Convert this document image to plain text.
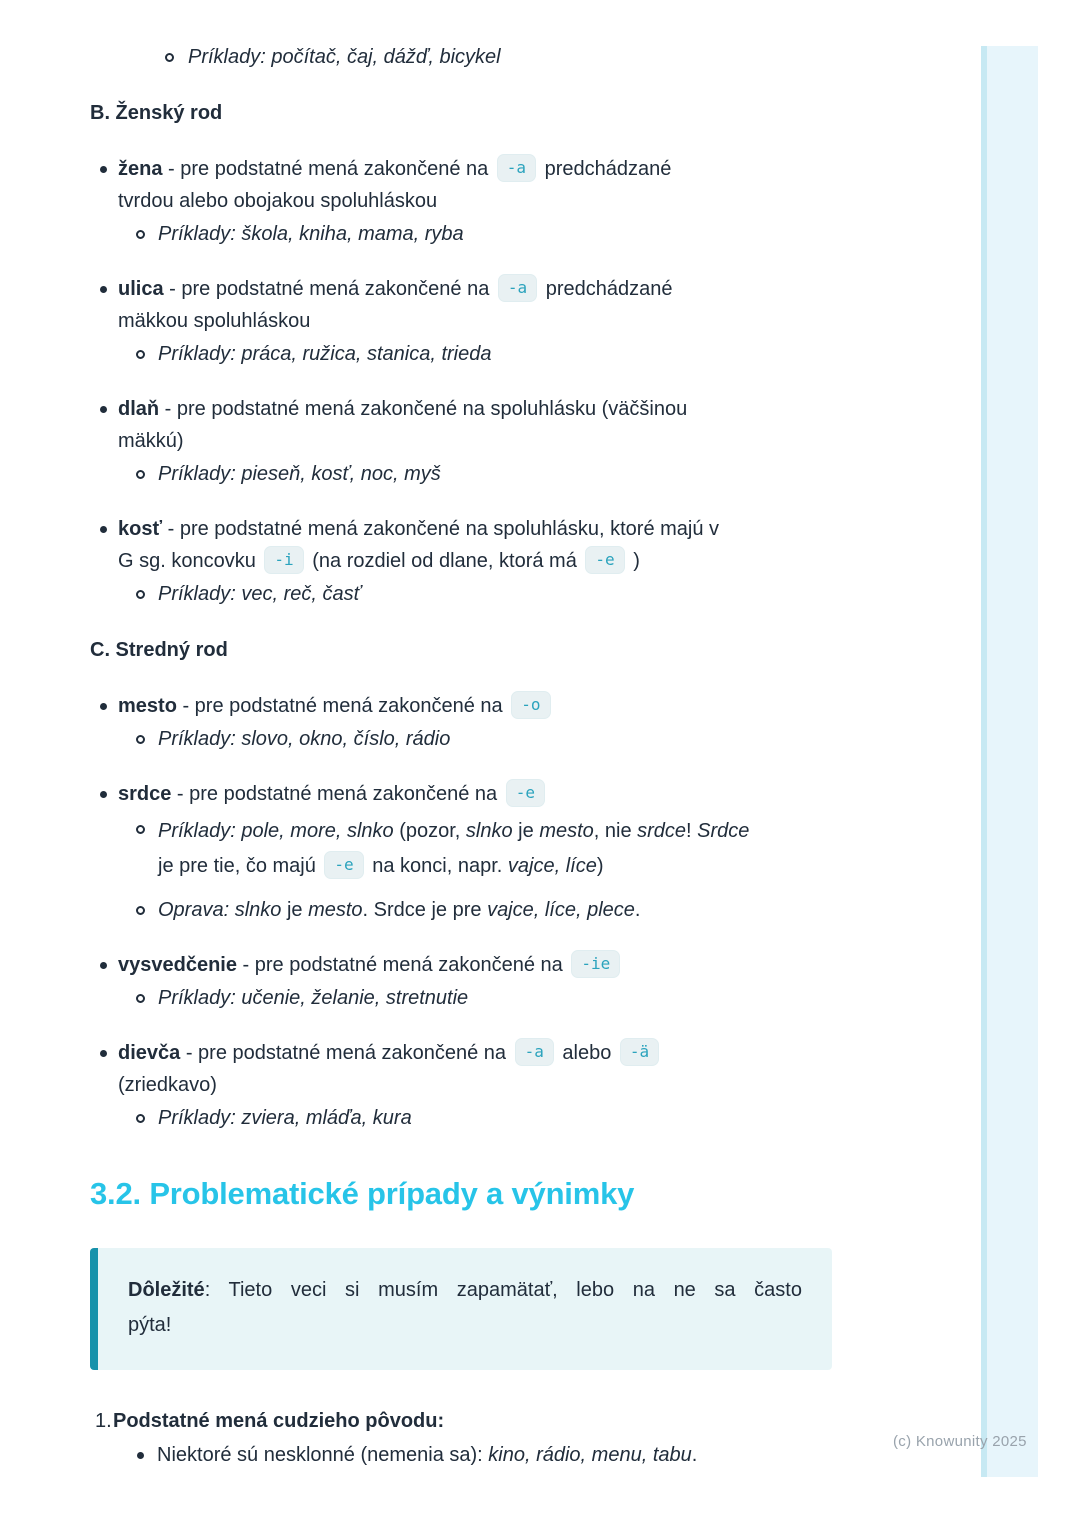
(c) Knowunity 2025

Príklady: počítač, čaj, dážď, bicykel

B. Ženský rod

žena - pre podstatné mená zakončené na -a predchádzané
tvrdou alebo obojakou spoluhláskou

Príklady: škola, kniha, mama, ryba

ulica - pre podstatné mená zakončené na -a predchádzané
mäkkou spoluhláskou

Príklady: práca, ružica, stanica, trieda

dlaň - pre podstatné mená zakončené na spoluhlásku (väčšinou
mäkkú)

Príklady: pieseň, kosť, noc, myš

kosť - pre podstatné mená zakončené na spoluhlásku, ktoré majú v
G sg. koncovku -i (na rozdiel od dlane, ktorá má -e )

Príklady: vec, reč, časť

C. Stredný rod

mesto - pre podstatné mená zakončené na -o

Príklady: slovo, okno, číslo, rádio

srdce - pre podstatné mená zakončené na -e

Príklady: pole, more, slnko (pozor, slnko je mesto, nie srdce! Srdce
je pre tie, čo majú -e na konci, napr. vajce, líce)

Oprava: slnko je mesto. Srdce je pre vajce, líce, plece.

vysvedčenie - pre podstatné mená zakončené na -ie

Príklady: učenie, želanie, stretnutie

dievča - pre podstatné mená zakončené na -a alebo -ä
(zriedkavo)

Príklady: zviera, mláďa, kura

3.2. Problematické prípady a výnimky
Dôležité: Tieto veci si musím zapamätať, lebo na ne sa často
pýta!
1. Podstatné mená cudzieho pôvodu:

Niektoré sú nesklonné (nemenia sa): kino, rádio, menu, tabu.
